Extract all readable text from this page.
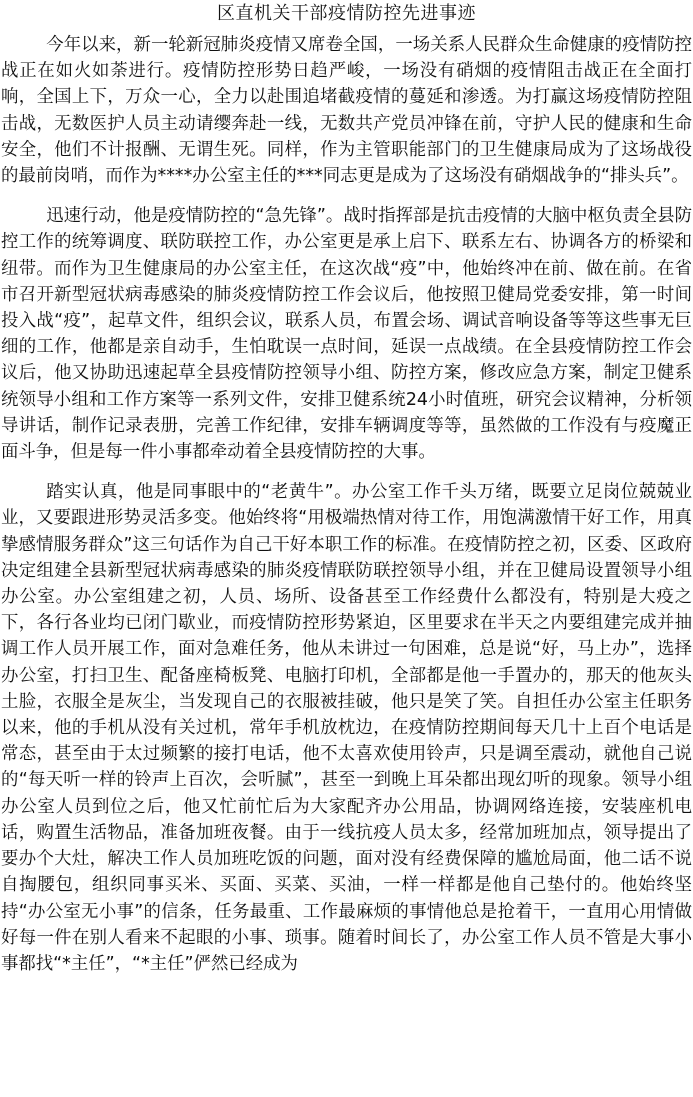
区直机关干部疫情防控先进事迹

今年以来，新一轮新冠肺炎疫情又席卷全国，一场关系人民群众生命健康的疫情防控战正在如火如荼进行。疫情防控形势日趋严峻，一场没有硝烟的疫情阻击战正在全面打响，全国上下，万众一心，全力以赴围追堵截疫情的蔓延和渗透。为打赢这场疫情防控阻击战，无数医护人员主动请缨奔赴一线，无数共产党员冲锋在前，守护人民的健康和生命安全，他们不计报酬、无谓生死。同样，作为主管职能部门的卫生健康局成为了这场战役的最前岗哨，而作为****办公室主任的***同志更是成为了这场没有硝烟战争的“排头兵”。

迅速行动，他是疫情防控的“急先锋”。战时指挥部是抗击疫情的大脑中枢负责全县防控工作的统筹调度、联防联控工作，办公室更是承上启下、联系左右、协调各方的桥梁和纽带。而作为卫生健康局的办公室主任，在这次战“疫”中，他始终冲在前、做在前。在省市召开新型冠状病毒感染的肺炎疫情防控工作会议后，他按照卫健局党委安排，第一时间投入战“疫”，起草文件，组织会议，联系人员，布置会场、调试音响设备等等这些事无巨细的工作，他都是亲自动手，生怕耽误一点时间，延误一点战绩。在全县疫情防控工作会议后，他又协助迅速起草全县疫情防控领导小组、防控方案，修改应急方案，制定卫健系统领导小组和工作方案等一系列文件，安排卫健系统24小时值班，研究会议精神，分析领导讲话，制作记录表册，完善工作纪律，安排车辆调度等等，虽然做的工作没有与疫魔正面斗争，但是每一件小事都牵动着全县疫情防控的大事。

踏实认真，他是同事眼中的“老黄牛”。办公室工作千头万绪，既要立足岗位兢兢业业，又要跟进形势灵活多变。他始终将“用极端热情对待工作，用饱满激情干好工作，用真挚感情服务群众”这三句话作为自己干好本职工作的标准。在疫情防控之初，区委、区政府决定组建全县新型冠状病毒感染的肺炎疫情联防联控领导小组，并在卫健局设置领导小组办公室。办公室组建之初，人员、场所、设备甚至工作经费什么都没有，特别是大疫之下，各行各业均已闭门歇业，而疫情防控形势紧迫，区里要求在半天之内要组建完成并抽调工作人员开展工作，面对急难任务，他从未讲过一句困难，总是说“好，马上办”，选择办公室，打扫卫生、配备座椅板凳、电脑打印机，全部都是他一手置办的，那天的他灰头土脸，衣服全是灰尘，当发现自己的衣服被挂破，他只是笑了笑。自担任办公室主任职务以来，他的手机从没有关过机，常年手机放枕边，在疫情防控期间每天几十上百个电话是常态，甚至由于太过频繁的接打电话，他不太喜欢使用铃声，只是调至震动，就他自己说的“每天听一样的铃声上百次，会听腻”，甚至一到晚上耳朵都出现幻听的现象。领导小组办公室人员到位之后，他又忙前忙后为大家配齐办公用品，协调网络连接，安装座机电话，购置生活物品，准备加班夜餐。由于一线抗疫人员太多，经常加班加点，领导提出了要办个大灶，解决工作人员加班吃饭的问题，面对没有经费保障的尴尬局面，他二话不说自掏腰包，组织同事买米、买面、买菜、买油，一样一样都是他自己垫付的。他始终坚持“办公室无小事”的信条，任务最重、工作最麻烦的事情他总是抢着干，一直用心用情做好每一件在别人看来不起眼的小事、琐事。随着时间长了，办公室工作人员不管是大事小事都找“*主任”，“*主任”俨然已经成为
